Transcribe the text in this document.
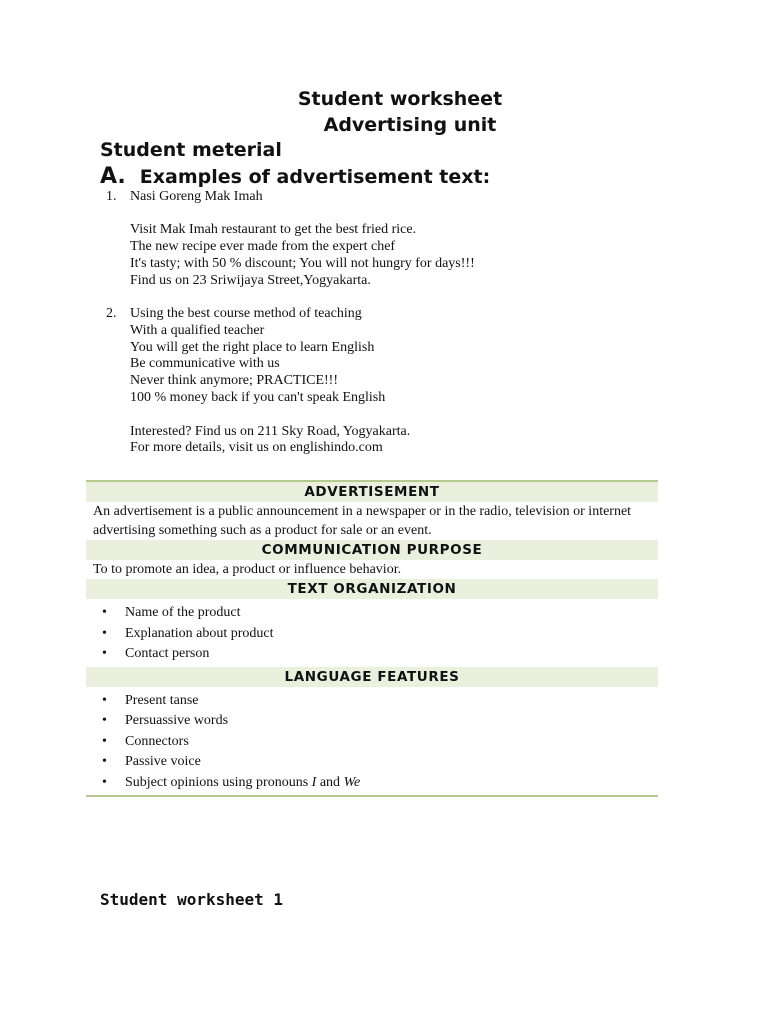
Student worksheet
Advertising unit
Student meterial
A. Examples of advertisement text:
1. Nasi Goreng Mak Imah
Visit Mak Imah restaurant to get the best fried rice.
The new recipe ever made from the expert chef
It's tasty; with 50 % discount; You will not hungry for days!!!
Find us on 23 Sriwijaya Street,Yogyakarta.
2. Using the best course method of teaching
With a qualified teacher
You will get the right place to learn English
Be communicative with us
Never think anymore; PRACTICE!!!
100 % money back if you can't speak English
Interested? Find us on 211 Sky Road, Yogyakarta.
For more details, visit us on englishindo.com
ADVERTISEMENT
An advertisement is a public announcement in a newspaper or in the radio, television or internet advertising something such as a product for sale or an event.
COMMUNICATION PURPOSE
To to promote an idea, a product or influence behavior.
TEXT ORGANIZATION

• Name of the product
• Explanation about product
• Contact person

LANGUAGE FEATURES

• Present tanse
• Persuassive words
• Connectors
• Passive voice
• Subject opinions using pronouns I and We
Student worksheet 1
